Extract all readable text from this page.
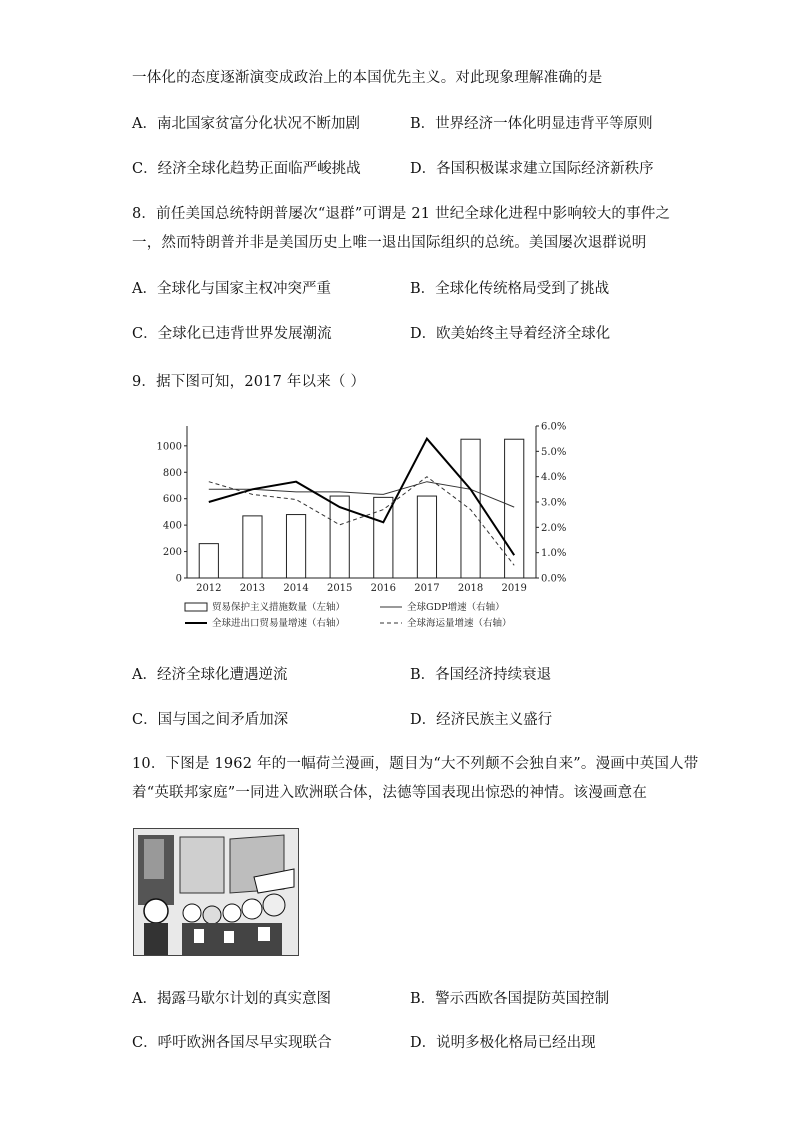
一体化的态度逐渐演变成政治上的本国优先主义。对此现象理解准确的是
A．南北国家贫富分化状况不断加剧	B．世界经济一体化明显违背平等原则
C．经济全球化趋势正面临严峻挑战	D．各国积极谋求建立国际经济新秩序
8．前任美国总统特朗普屡次“退群”可谓是 21 世纪全球化进程中影响较大的事件之
一，然而特朗普并非是美国历史上唯一退出国际组织的总统。美国屡次退群说明
A．全球化与国家主权冲突严重	B．全球化传统格局受到了挑战
C．全球化已违背世界发展潮流	D．欧美始终主导着经济全球化
9．据下图可知，2017 年以来（ ）
0
200
400
600
800
1000
0.0%
1.0%
2.0%
3.0%
4.0%
5.0%
6.0%
2012 2013 2014 2015 2016 2017 2018 2019
贸易保护主义措施数量（左轴）	全球GDP增速（右轴）
全球进出口贸易量增速（右轴）	全球海运量增速（右轴）
A．经济全球化遭遇逆流	B．各国经济持续衰退
C．国与国之间矛盾加深	D．经济民族主义盛行
10．下图是 1962 年的一幅荷兰漫画，题目为“大不列颠不会独自来”。漫画中英国人带
着“英联邦家庭”一同进入欧洲联合体，法德等国表现出惊恐的神情。该漫画意在
A．揭露马歇尔计划的真实意图	B．警示西欧各国提防英国控制
C．呼吁欧洲各国尽早实现联合	D．说明多极化格局已经出现
